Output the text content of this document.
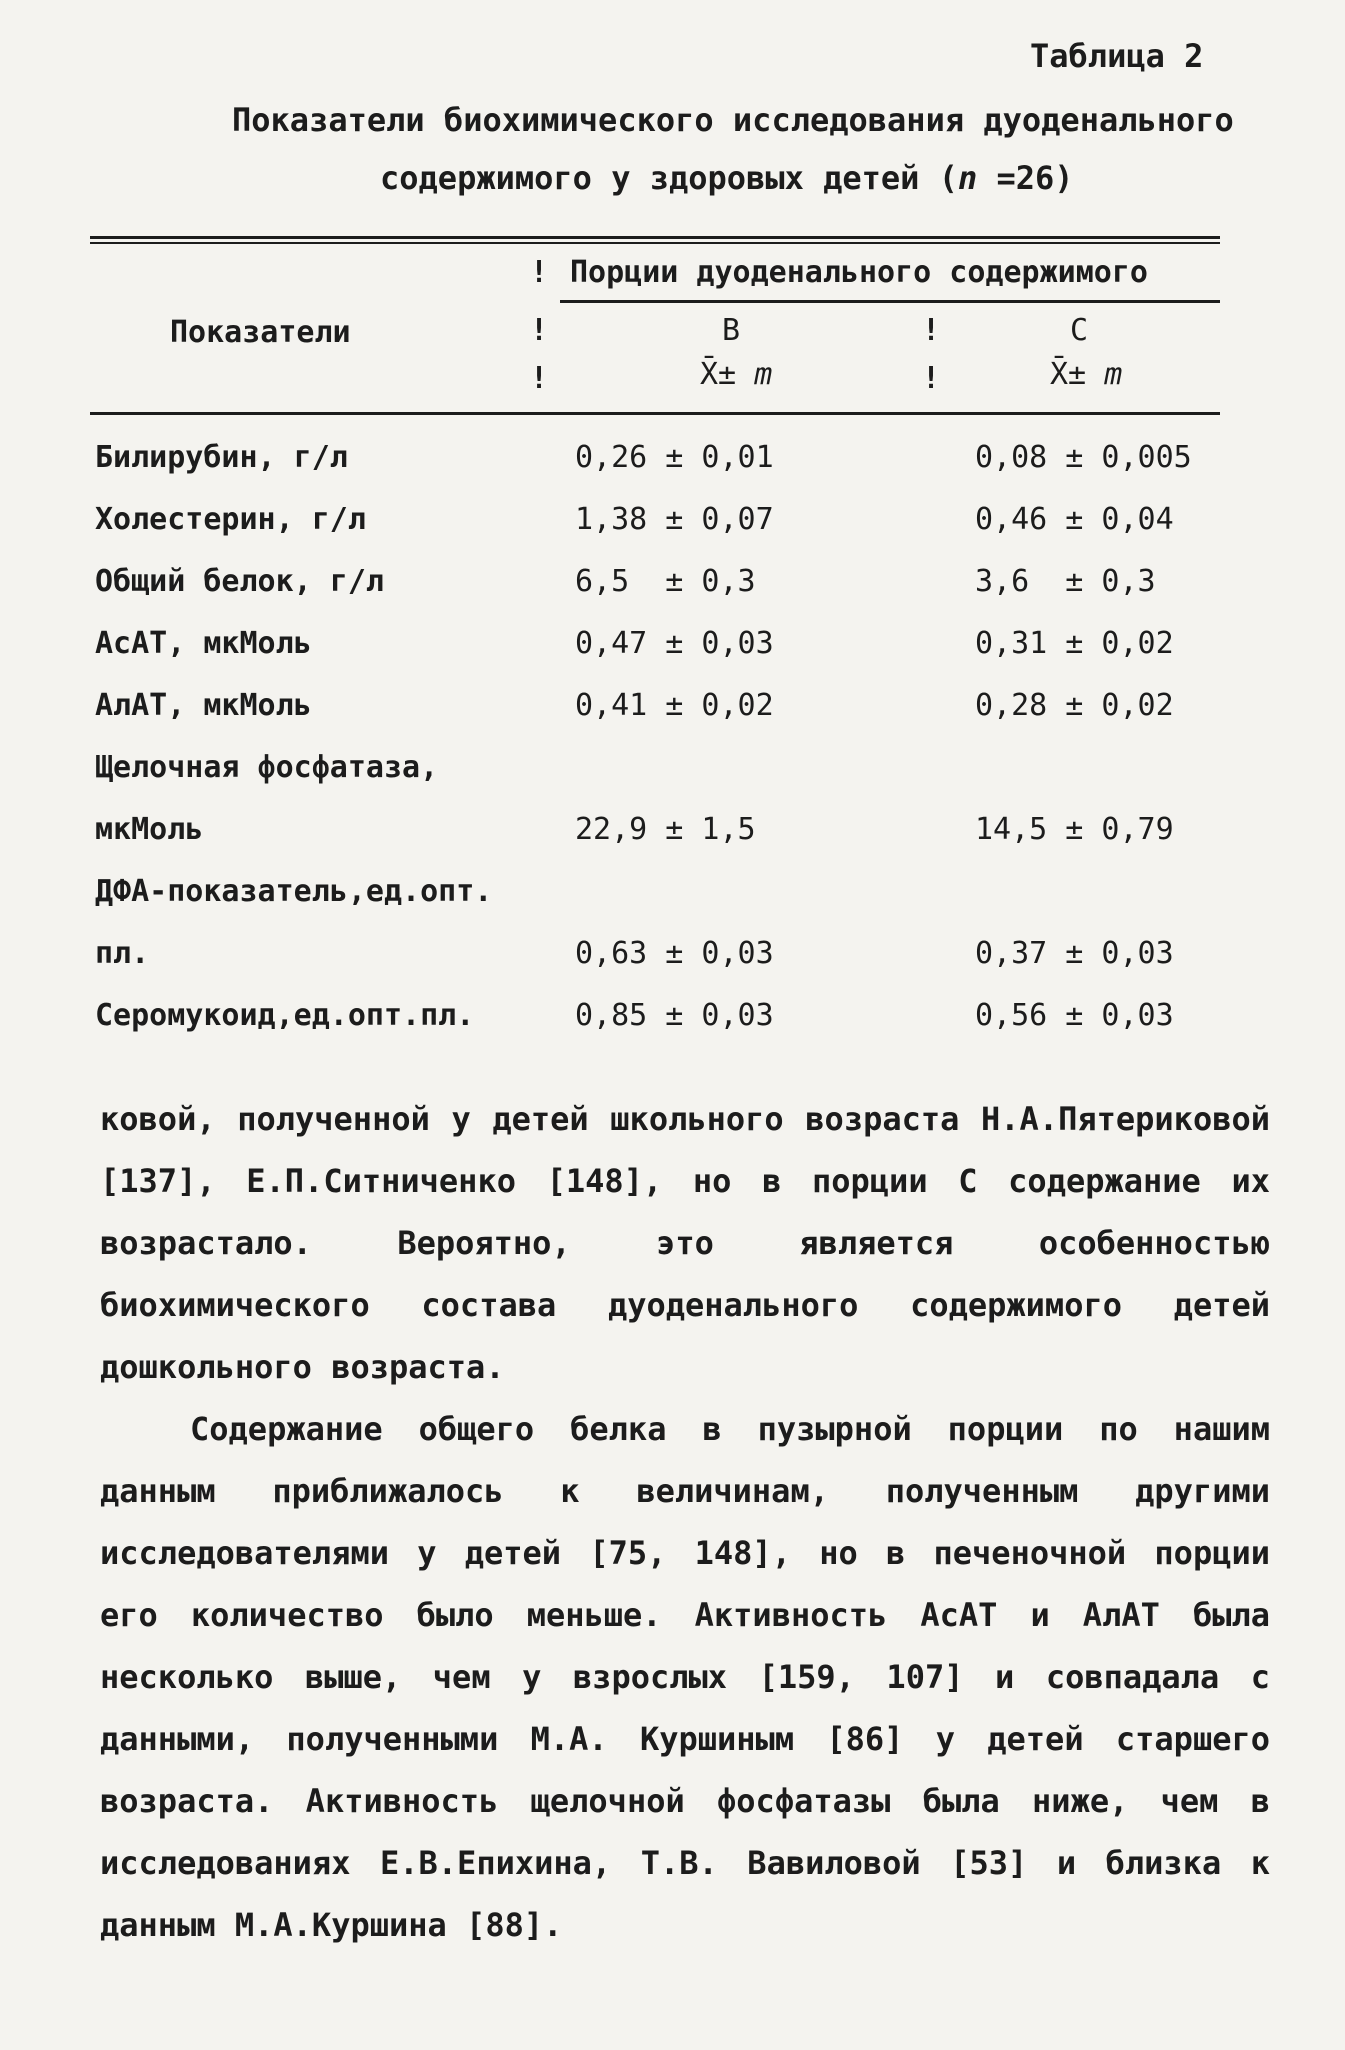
Таблица 2
Показатели биохимического исследования дуоденального
содержимого у здоровых детей (n =26)
! Порции дуоденального содержимого
Показатели	!	B	!	C
!	X̄± m	!	X̄± m
Билирубин, г/л	0,26 ± 0,01	0,08 ± 0,005
Холестерин, г/л	1,38 ± 0,07	0,46 ± 0,04
Общий белок, г/л	6,5  ± 0,3	3,6  ± 0,3
АсАТ, мкМоль	0,47 ± 0,03	0,31 ± 0,02
АлАТ, мкМоль	0,41 ± 0,02	0,28 ± 0,02
Щелочная фосфатаза,
мкМоль	22,9 ± 1,5	14,5 ± 0,79
ДФА-показатель,ед.опт.
пл.	0,63 ± 0,03	0,37 ± 0,03
Серомукоид,ед.опт.пл.	0,85 ± 0,03	0,56 ± 0,03

ковой, полученной у детей школьного возраста Н.А.Пятериковой [137], Е.П.Ситниченко [148], но в порции С содержание их возрастало. Вероятно, это является особенностью биохимического состава дуоденального содержимого детей дошкольного возраста.

Содержание общего белка в пузырной порции по нашим данным приближалось к величинам, полученным другими исследователями у детей [75, 148], но в печеночной порции его количество было меньше. Активность АсАТ и АлАТ была несколько выше, чем у взрослых [159, 107] и совпадала с данными, полученными М.А. Куршиным [86] у детей старшего возраста. Активность щелочной фосфатазы была ниже, чем в исследованиях Е.В.Епихина, Т.В. Вавиловой [53] и близка к данным М.А.Куршина [88].
